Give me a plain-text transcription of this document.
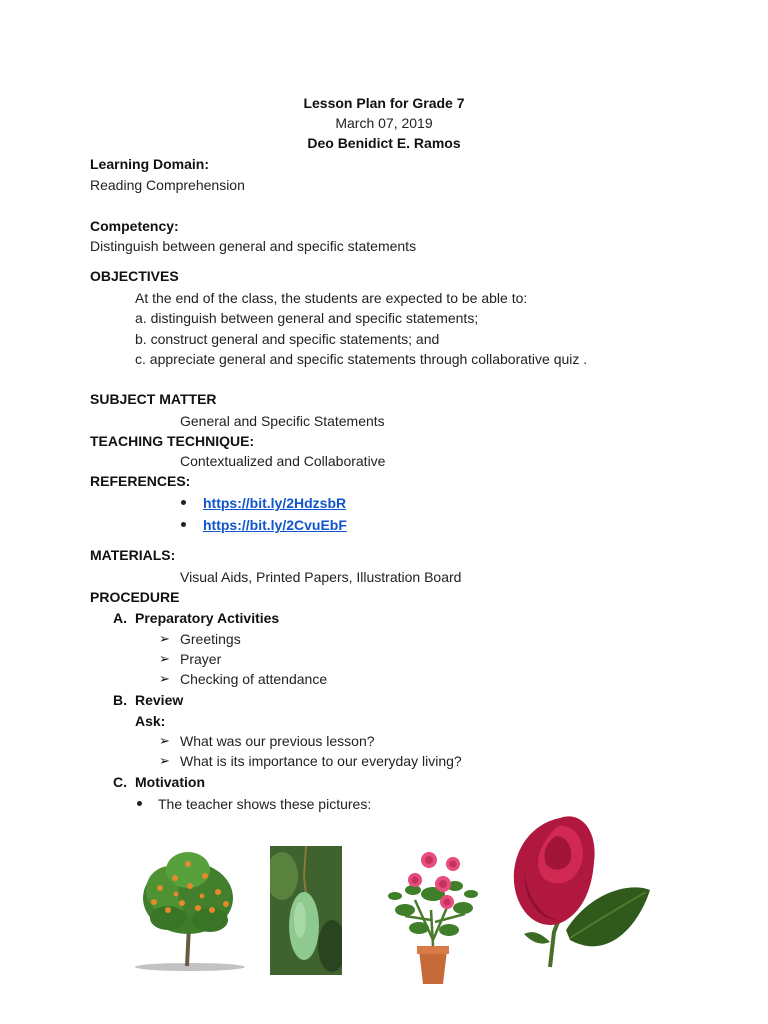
Lesson Plan for Grade 7
March 07, 2019
Deo Benidict E. Ramos
Learning Domain:
Reading Comprehension
Competency:
Distinguish between general and specific statements
OBJECTIVES
At the end of the class, the students are expected to be able to:
a. distinguish between general and specific statements;
b. construct general and specific statements; and
c. appreciate general and specific statements through collaborative quiz .
SUBJECT MATTER
General and Specific Statements
TEACHING TECHNIQUE:
Contextualized and Collaborative
REFERENCES:
https://bit.ly/2HdzsbR
https://bit.ly/2CvuEbF
MATERIALS:
Visual Aids, Printed Papers, Illustration Board
PROCEDURE
A. Preparatory Activities
➢ Greetings
➢ Prayer
➢ Checking of attendance
B. Review
Ask:
➢ What was our previous lesson?
➢ What is its importance to our everyday living?
C. Motivation
The teacher shows these pictures:
